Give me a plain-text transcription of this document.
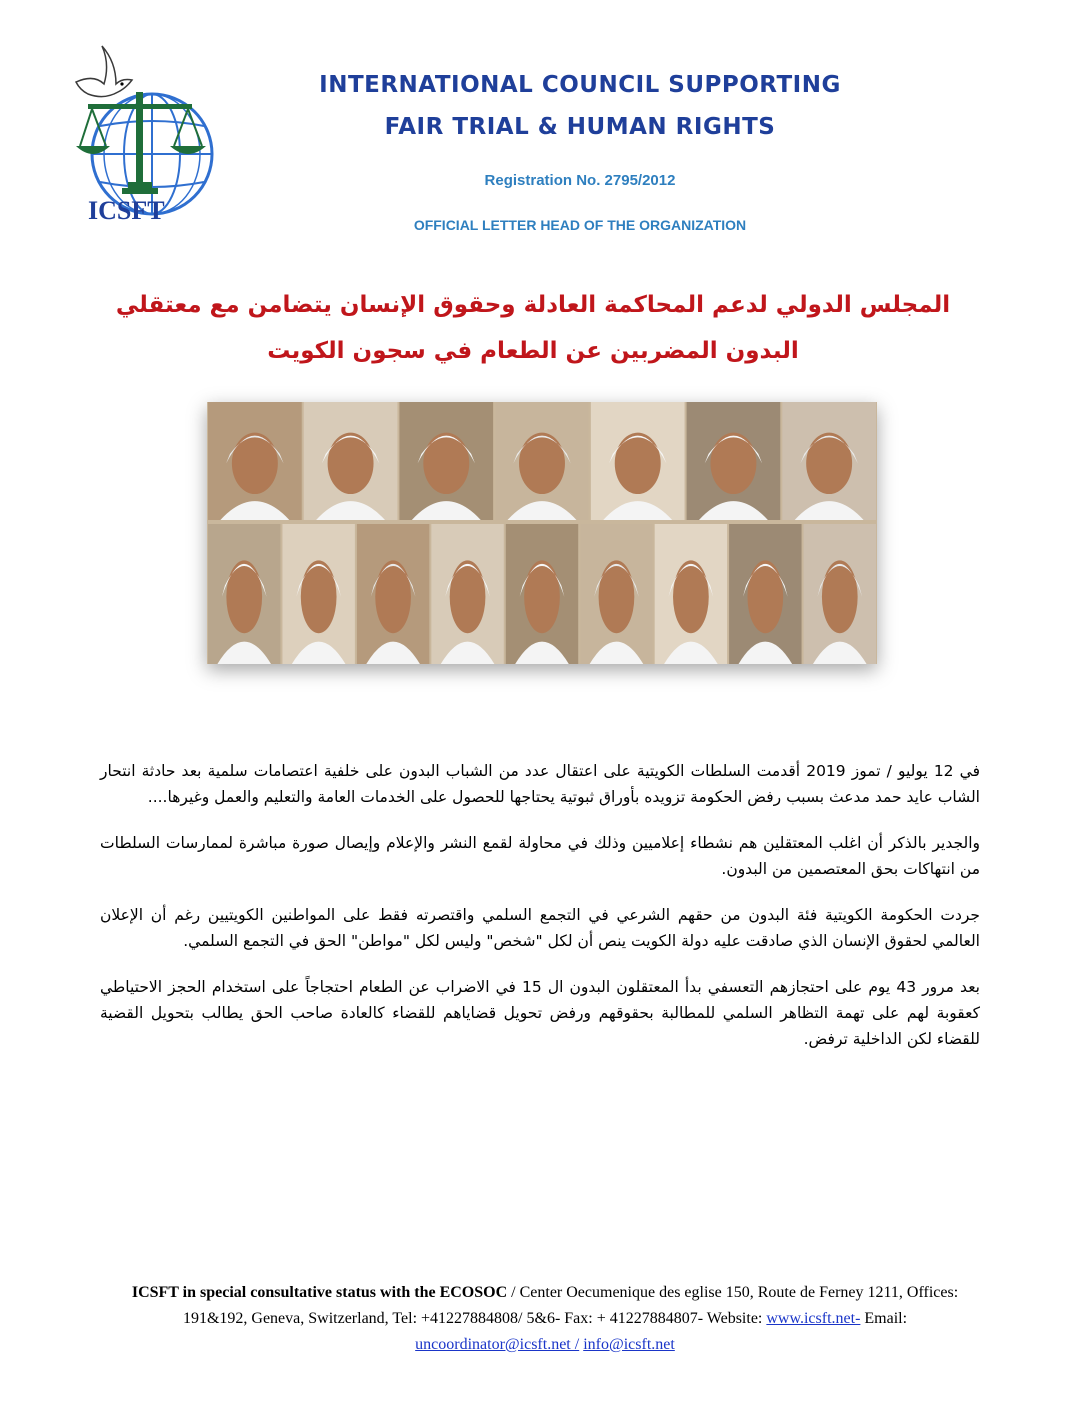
ICSFT
INTERNATIONAL COUNCIL SUPPORTING
FAIR TRIAL & HUMAN RIGHTS
Registration No. 2795/2012
OFFICIAL LETTER HEAD OF THE ORGANIZATION
المجلس الدولي لدعم المحاكمة العادلة وحقوق الإنسان يتضامن مع معتقلي
البدون المضربين عن الطعام في سجون الكويت

في 12 يوليو / تموز 2019 أقدمت السلطات الكويتية على اعتقال عدد من الشباب البدون على خلفية اعتصامات سلمية بعد حادثة انتحار الشاب عايد حمد مدعث بسبب رفض الحكومة تزويده بأوراق ثبوتية يحتاجها للحصول على الخدمات العامة والتعليم والعمل وغيرها....

والجدير بالذكر أن اغلب المعتقلين هم نشطاء إعلاميين وذلك في محاولة لقمع النشر والإعلام وإيصال صورة مباشرة لممارسات السلطات من انتهاكات بحق المعتصمين من البدون.

جردت الحكومة الكويتية فئة البدون من حقهم الشرعي في التجمع السلمي واقتصرته فقط على المواطنين الكويتيين رغم أن الإعلان العالمي لحقوق الإنسان الذي صادقت عليه دولة الكويت ينص أن لكل "شخص" وليس لكل "مواطن" الحق في التجمع السلمي.

بعد مرور 43 يوم على احتجازهم التعسفي بدأ المعتقلون البدون ال 15 في الاضراب عن الطعام احتجاجاً على استخدام الحجز الاحتياطي كعقوبة لهم على تهمة التظاهر السلمي للمطالبة بحقوقهم ورفض تحويل قضاياهم للقضاء كالعادة صاحب الحق يطالب بتحويل القضية للقضاء لكن الداخلية ترفض.

ICSFT in special consultative status with the ECOSOC / Center Oecumenique des eglise 150, Route de Ferney 1211, Offices: 191&192, Geneva, Switzerland, Tel: +41227884808/ 5&6- Fax: + 41227884807- Website: www.icsft.net- Email: uncoordinator@icsft.net / info@icsft.net
